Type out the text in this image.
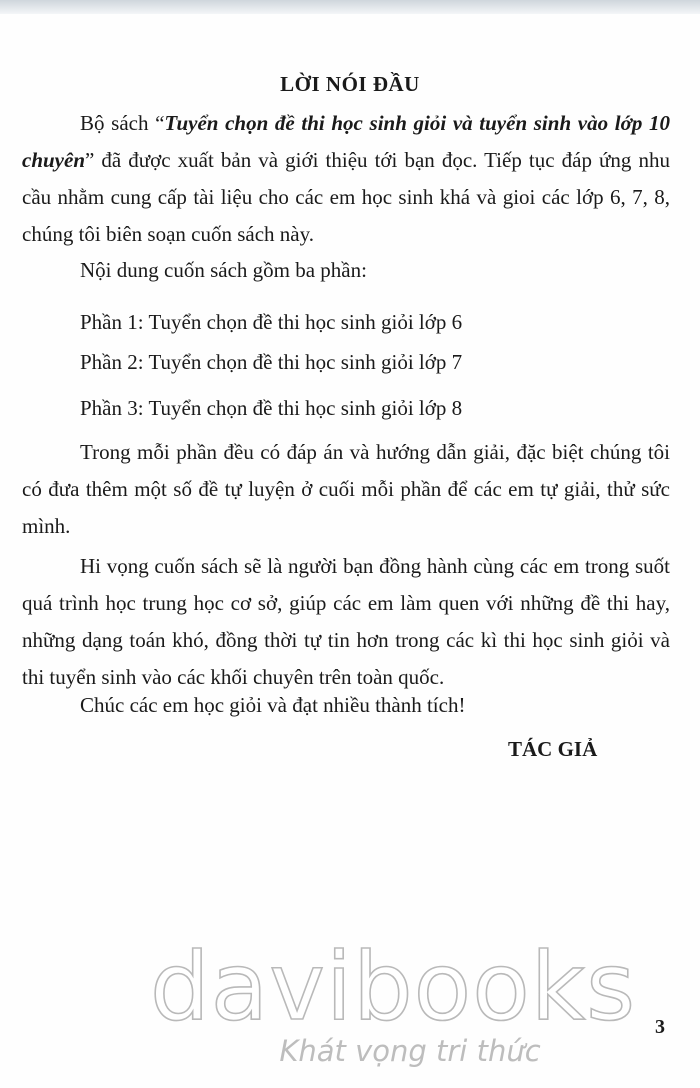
LỜI NÓI ĐẦU

Bộ sách “Tuyển chọn đề thi học sinh giỏi và tuyển sinh vào lớp 10 chuyên” đã được xuất bản và giới thiệu tới bạn đọc. Tiếp tục đáp ứng nhu cầu nhằm cung cấp tài liệu cho các em học sinh khá và gioi các lớp 6, 7, 8, chúng tôi biên soạn cuốn sách này.

Nội dung cuốn sách gồm ba phần:
Phần 1: Tuyển chọn đề thi học sinh giỏi lớp 6
Phần 2: Tuyển chọn đề thi học sinh giỏi lớp 7
Phần 3: Tuyển chọn đề thi học sinh giỏi lớp 8

Trong mỗi phần đều có đáp án và hướng dẫn giải, đặc biệt chúng tôi có đưa thêm một số đề tự luyện ở cuối mỗi phần để các em tự giải, thử sức mình.

Hi vọng cuốn sách sẽ là người bạn đồng hành cùng các em trong suốt quá trình học trung học cơ sở, giúp các em làm quen với những đề thi hay, những dạng toán khó, đồng thời tự tin hơn trong các kì thi học sinh giỏi và thi tuyển sinh vào các khối chuyên trên toàn quốc.

Chúc các em học giỏi và đạt nhiều thành tích!
TÁC GIẢ
davibooks
Khát vọng tri thức
3
